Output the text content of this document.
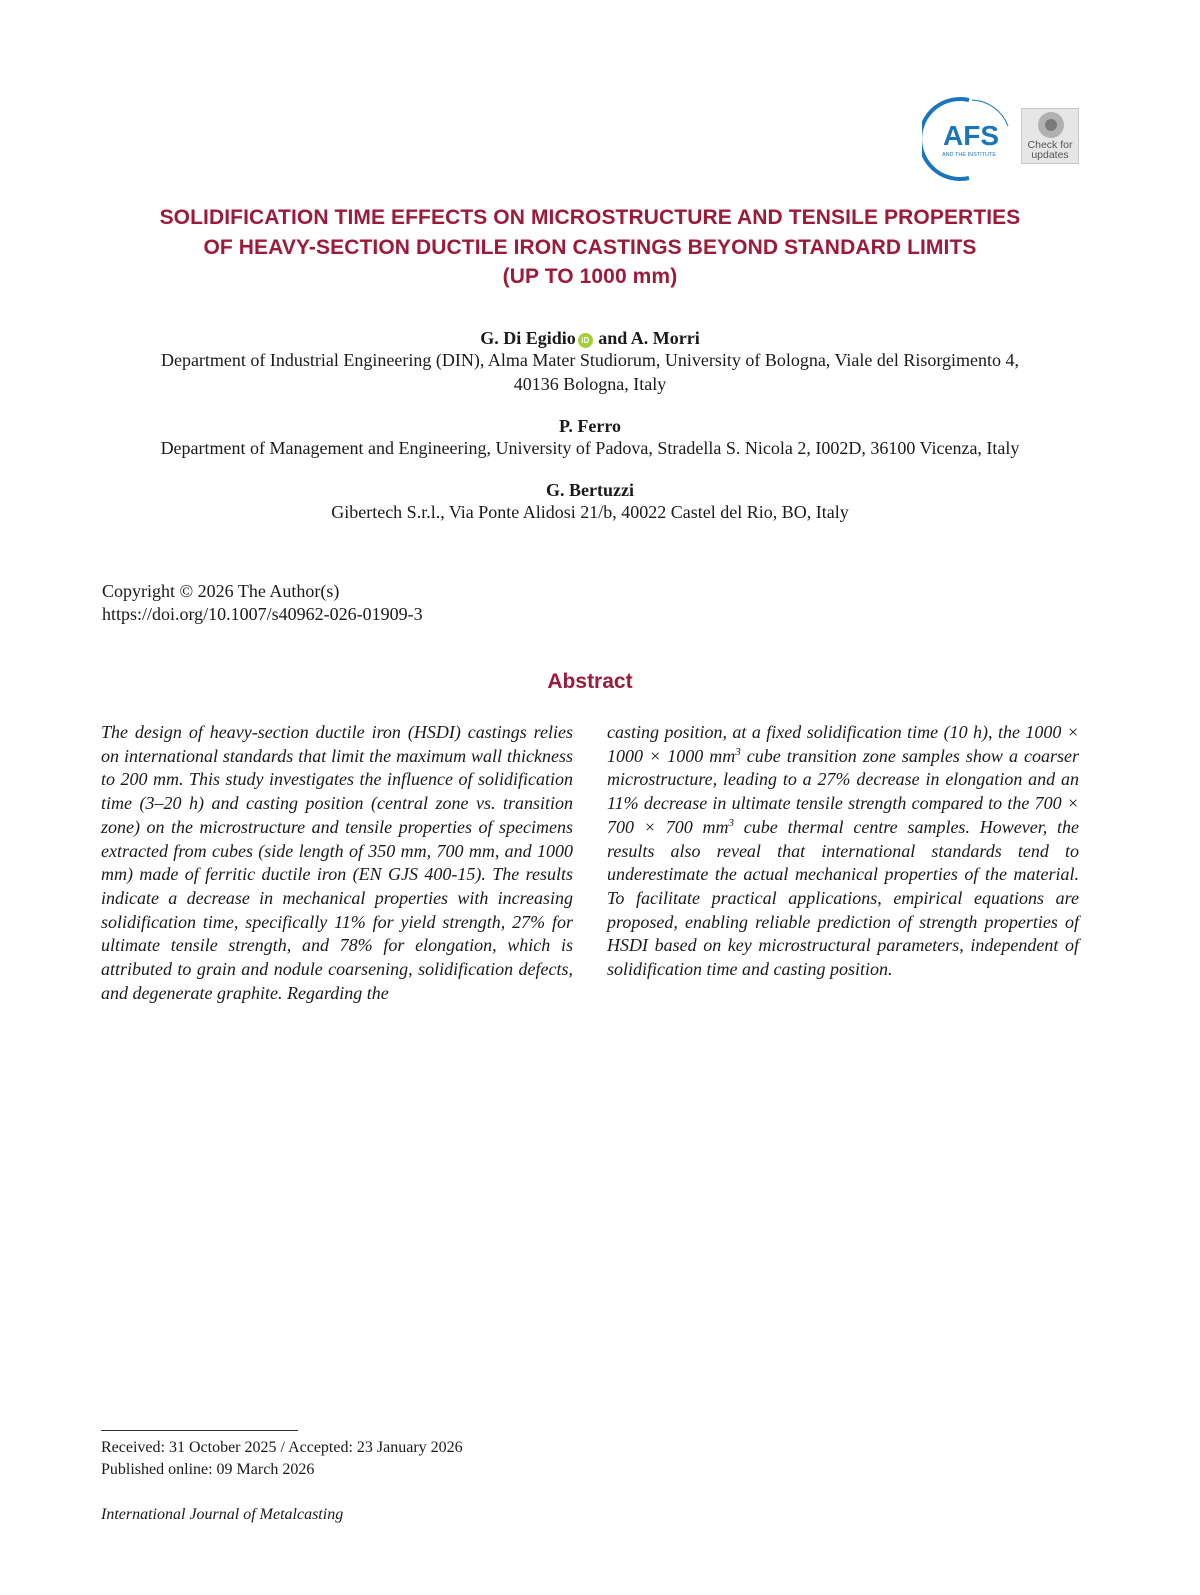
AFS
AND THE INSTITUTE
Check for
updates
SOLIDIFICATION TIME EFFECTS ON MICROSTRUCTURE AND TENSILE PROPERTIES
OF HEAVY-SECTION DUCTILE IRON CASTINGS BEYOND STANDARD LIMITS
(UP TO 1000 mm)
G. Di Egidio iD and A. Morri
Department of Industrial Engineering (DIN), Alma Mater Studiorum, University of Bologna, Viale del Risorgimento 4,
40136 Bologna, Italy
P. Ferro
Department of Management and Engineering, University of Padova, Stradella S. Nicola 2, I002D, 36100 Vicenza, Italy
G. Bertuzzi
Gibertech S.r.l., Via Ponte Alidosi 21/b, 40022 Castel del Rio, BO, Italy
Copyright © 2026 The Author(s)
https://doi.org/10.1007/s40962-026-01909-3
Abstract
The design of heavy-section ductile iron (HSDI) castings relies on international standards that limit the maximum wall thickness to 200 mm. This study investigates the influence of solidification time (3–20 h) and casting position (central zone vs. transition zone) on the microstructure and tensile properties of specimens extracted from cubes (side length of 350 mm, 700 mm, and 1000 mm) made of ferritic ductile iron (EN GJS 400-15). The results indicate a decrease in mechanical properties with increasing solidification time, specifically 11% for yield strength, 27% for ultimate tensile strength, and 78% for elongation, which is attributed to grain and nodule coarsening, solidification defects, and degenerate graphite. Regarding the
casting position, at a fixed solidification time (10 h), the 1000 × 1000 × 1000 $mm^3$ cube transition zone samples show a coarser microstructure, leading to a 27% decrease in elongation and an 11% decrease in ultimate tensile strength compared to the 700 × 700 × 700 $mm^3$ cube thermal centre samples. However, the results also reveal that international standards tend to underestimate the actual mechanical properties of the material. To facilitate practical applications, empirical equations are proposed, enabling reliable prediction of strength properties of HSDI based on key microstructural parameters, independent of solidification time and casting position.
Received: 31 October 2025 / Accepted: 23 January 2026
Published online: 09 March 2026
International Journal of Metalcasting
